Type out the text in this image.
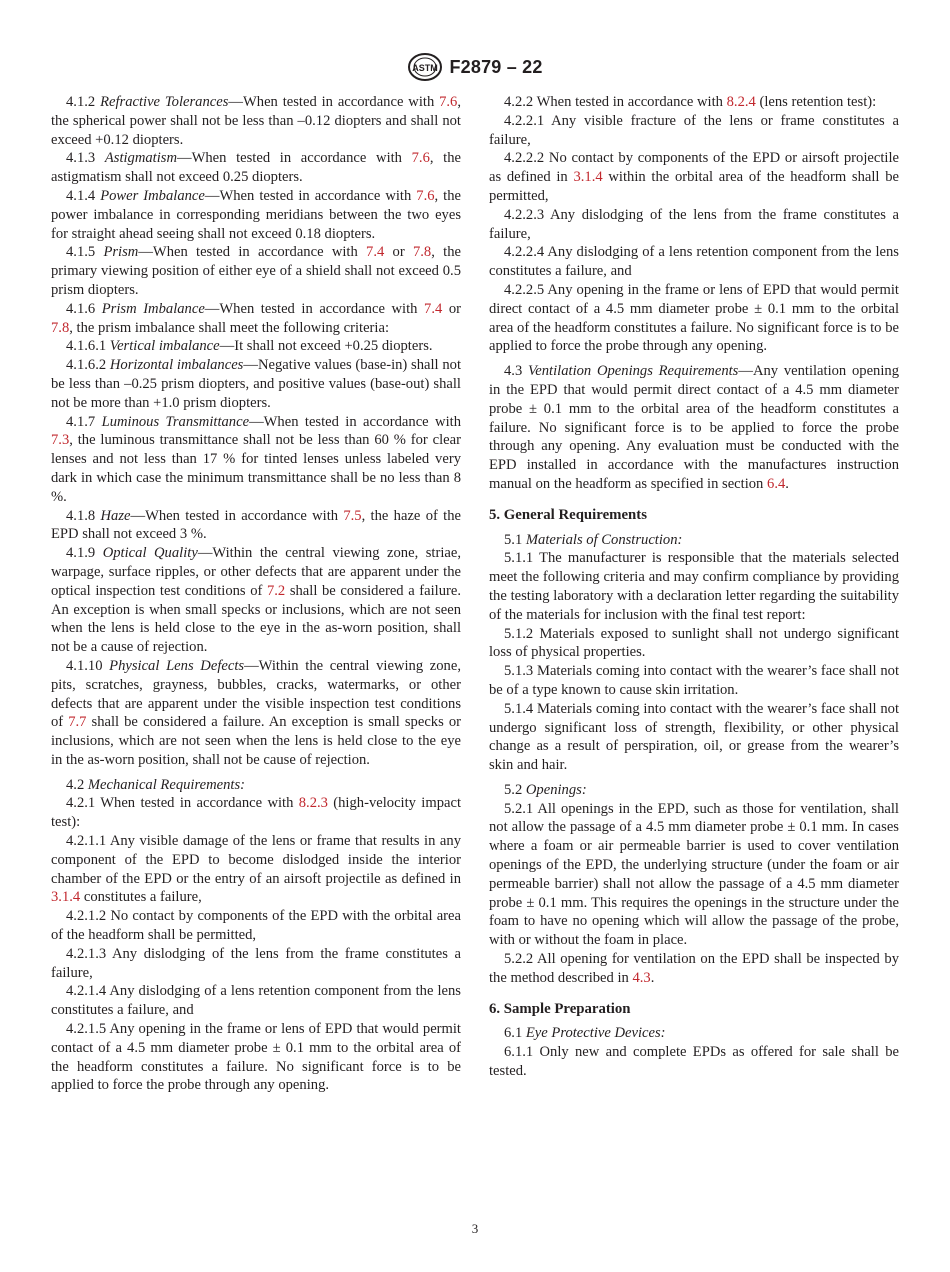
ASTM F2879 – 22

4.1.2 Refractive Tolerances—When tested in accordance with 7.6, the spherical power shall not be less than –0.12 diopters and shall not exceed +0.12 diopters.

4.1.3 Astigmatism—When tested in accordance with 7.6, the astigmatism shall not exceed 0.25 diopters.

4.1.4 Power Imbalance—When tested in accordance with 7.6, the power imbalance in corresponding meridians between the two eyes for straight ahead seeing shall not exceed 0.18 diopters.

4.1.5 Prism—When tested in accordance with 7.4 or 7.8, the primary viewing position of either eye of a shield shall not exceed 0.5 prism diopters.

4.1.6 Prism Imbalance—When tested in accordance with 7.4 or 7.8, the prism imbalance shall meet the following criteria:

4.1.6.1 Vertical imbalance—It shall not exceed +0.25 diopters.

4.1.6.2 Horizontal imbalances—Negative values (base-in) shall not be less than –0.25 prism diopters, and positive values (base-out) shall not be more than +1.0 prism diopters.

4.1.7 Luminous Transmittance—When tested in accordance with 7.3, the luminous transmittance shall not be less than 60 % for clear lenses and not less than 17 % for tinted lenses unless labeled very dark in which case the minimum transmittance shall be no less than 8 %.

4.1.8 Haze—When tested in accordance with 7.5, the haze of the EPD shall not exceed 3 %.

4.1.9 Optical Quality—Within the central viewing zone, striae, warpage, surface ripples, or other defects that are apparent under the optical inspection test conditions of 7.2 shall be considered a failure. An exception is when small specks or inclusions, which are not seen when the lens is held close to the eye in the as-worn position, shall not be a cause of rejection.

4.1.10 Physical Lens Defects—Within the central viewing zone, pits, scratches, grayness, bubbles, cracks, watermarks, or other defects that are apparent under the visible inspection test conditions of 7.7 shall be considered a failure. An exception is small specks or inclusions, which are not seen when the lens is held close to the eye in the as-worn position, shall not be cause of rejection.

4.2 Mechanical Requirements:

4.2.1 When tested in accordance with 8.2.3 (high-velocity impact test):

4.2.1.1 Any visible damage of the lens or frame that results in any component of the EPD to become dislodged inside the interior chamber of the EPD or the entry of an airsoft projectile as defined in 3.1.4 constitutes a failure,

4.2.1.2 No contact by components of the EPD with the orbital area of the headform shall be permitted,

4.2.1.3 Any dislodging of the lens from the frame constitutes a failure,

4.2.1.4 Any dislodging of a lens retention component from the lens constitutes a failure, and

4.2.1.5 Any opening in the frame or lens of EPD that would permit contact of a 4.5 mm diameter probe ± 0.1 mm to the orbital area of the headform constitutes a failure. No significant force is to be applied to force the probe through any opening.

4.2.2 When tested in accordance with 8.2.4 (lens retention test):

4.2.2.1 Any visible fracture of the lens or frame constitutes a failure,

4.2.2.2 No contact by components of the EPD or airsoft projectile as defined in 3.1.4 within the orbital area of the headform shall be permitted,

4.2.2.3 Any dislodging of the lens from the frame constitutes a failure,

4.2.2.4 Any dislodging of a lens retention component from the lens constitutes a failure, and

4.2.2.5 Any opening in the frame or lens of EPD that would permit direct contact of a 4.5 mm diameter probe ± 0.1 mm to the orbital area of the headform constitutes a failure. No significant force is to be applied to force the probe through any opening.

4.3 Ventilation Openings Requirements—Any ventilation opening in the EPD that would permit direct contact of a 4.5 mm diameter probe ± 0.1 mm to the orbital area of the headform constitutes a failure. No significant force is to be applied to force the probe through any opening. Any evaluation must be conducted with the EPD installed in accordance with the manufactures instruction manual on the headform as specified in section 6.4.

5. General Requirements

5.1 Materials of Construction:

5.1.1 The manufacturer is responsible that the materials selected meet the following criteria and may confirm compliance by providing the testing laboratory with a declaration letter regarding the suitability of the materials for inclusion with the final test report:

5.1.2 Materials exposed to sunlight shall not undergo significant loss of physical properties.

5.1.3 Materials coming into contact with the wearer’s face shall not be of a type known to cause skin irritation.

5.1.4 Materials coming into contact with the wearer’s face shall not undergo significant loss of strength, flexibility, or other physical change as a result of perspiration, oil, or grease from the wearer’s skin and hair.

5.2 Openings:

5.2.1 All openings in the EPD, such as those for ventilation, shall not allow the passage of a 4.5 mm diameter probe ± 0.1 mm. In cases where a foam or air permeable barrier is used to cover ventilation openings of the EPD, the underlying structure (under the foam or air permeable barrier) shall not allow the passage of a 4.5 mm diameter probe ± 0.1 mm. This requires the openings in the structure under the foam to have no opening which will allow the passage of the probe, with or without the foam in place.

5.2.2 All opening for ventilation on the EPD shall be inspected by the method described in 4.3.

6. Sample Preparation

6.1 Eye Protective Devices:

6.1.1 Only new and complete EPDs as offered for sale shall be tested.

3
